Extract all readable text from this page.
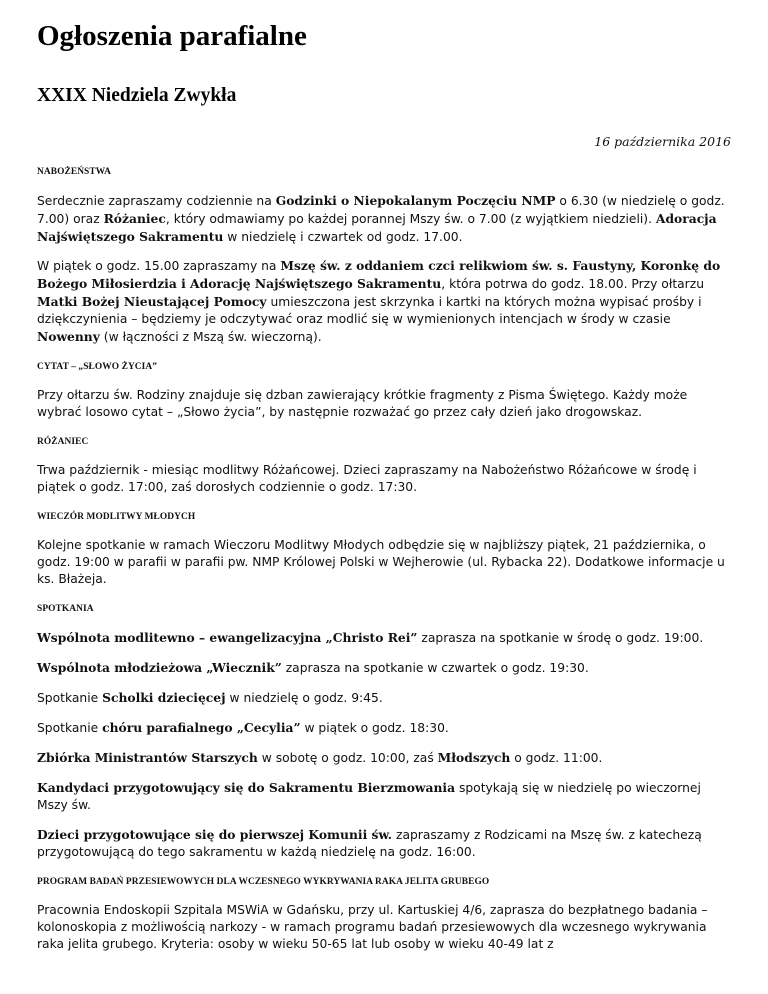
Ogłoszenia parafialne
XXIX Niedziela Zwykła
16 października 2016
NABOŻEŃSTWA

Serdecznie zapraszamy codziennie na Godzinki o Niepokalanym Poczęciu NMP o 6.30 (w niedzielę o godz. 7.00) oraz Różaniec, który odmawiamy po każdej porannej Mszy św. o 7.00 (z wyjątkiem niedzieli). Adoracja Najświętszego Sakramentu w niedzielę i czwartek od godz. 17.00.

W piątek o godz. 15.00 zapraszamy na Mszę św. z oddaniem czci relikwiom św. s. Faustyny, Koronkę do Bożego Miłosierdzia i Adorację Najświętszego Sakramentu, która potrwa do godz. 18.00. Przy ołtarzu Matki Bożej Nieustającej Pomocy umieszczona jest skrzynka i kartki na których można wypisać prośby i dziękczynienia – będziemy je odczytywać oraz modlić się w wymienionych intencjach w środy w czasie Nowenny (w łączności z Mszą św. wieczorną).

CYTAT – „SŁOWO ŻYCIA”

Przy ołtarzu św. Rodziny znajduje się dzban zawierający krótkie fragmenty z Pisma Świętego. Każdy może wybrać losowo cytat – „Słowo życia”, by następnie rozważać go przez cały dzień jako drogowskaz.

RÓŻANIEC

Trwa październik - miesiąc modlitwy Różańcowej. Dzieci zapraszamy na Nabożeństwo Różańcowe w środę i piątek o godz. 17:00, zaś dorosłych codziennie o godz. 17:30.

WIECZÓR MODLITWY MŁODYCH

Kolejne spotkanie w ramach Wieczoru Modlitwy Młodych odbędzie się w najbliższy piątek, 21 października, o godz. 19:00 w parafii w parafii pw. NMP Królowej Polski w Wejherowie (ul. Rybacka 22). Dodatkowe informacje u ks. Błażeja.

SPOTKANIA

Wspólnota modlitewno – ewangelizacyjna „Christo Rei” zaprasza na spotkanie w środę o godz. 19:00.

Wspólnota młodzieżowa „Wiecznik” zaprasza na spotkanie w czwartek o godz. 19:30.

Spotkanie Scholki dziecięcej w niedzielę o godz. 9:45.

Spotkanie chóru parafialnego „Cecylia” w piątek o godz. 18:30.

Zbiórka Ministrantów Starszych w sobotę o godz. 10:00, zaś Młodszych o godz. 11:00.

Kandydaci przygotowujący się do Sakramentu Bierzmowania spotykają się w niedzielę po wieczornej Mszy św.

Dzieci przygotowujące się do pierwszej Komunii św. zapraszamy z Rodzicami na Mszę św. z katechezą przygotowującą do tego sakramentu w każdą niedzielę na godz. 16:00.

PROGRAM BADAŃ PRZESIEWOWYCH DLA WCZESNEGO WYKRYWANIA RAKA JELITA GRUBEGO

Pracownia Endoskopii Szpitala MSWiA w Gdańsku, przy ul. Kartuskiej 4/6, zaprasza do bezpłatnego badania – kolonoskopia z możliwością narkozy - w ramach programu badań przesiewowych dla wczesnego wykrywania raka jelita grubego. Kryteria: osoby w wieku 50-65 lat lub osoby w wieku 40-49 lat z
